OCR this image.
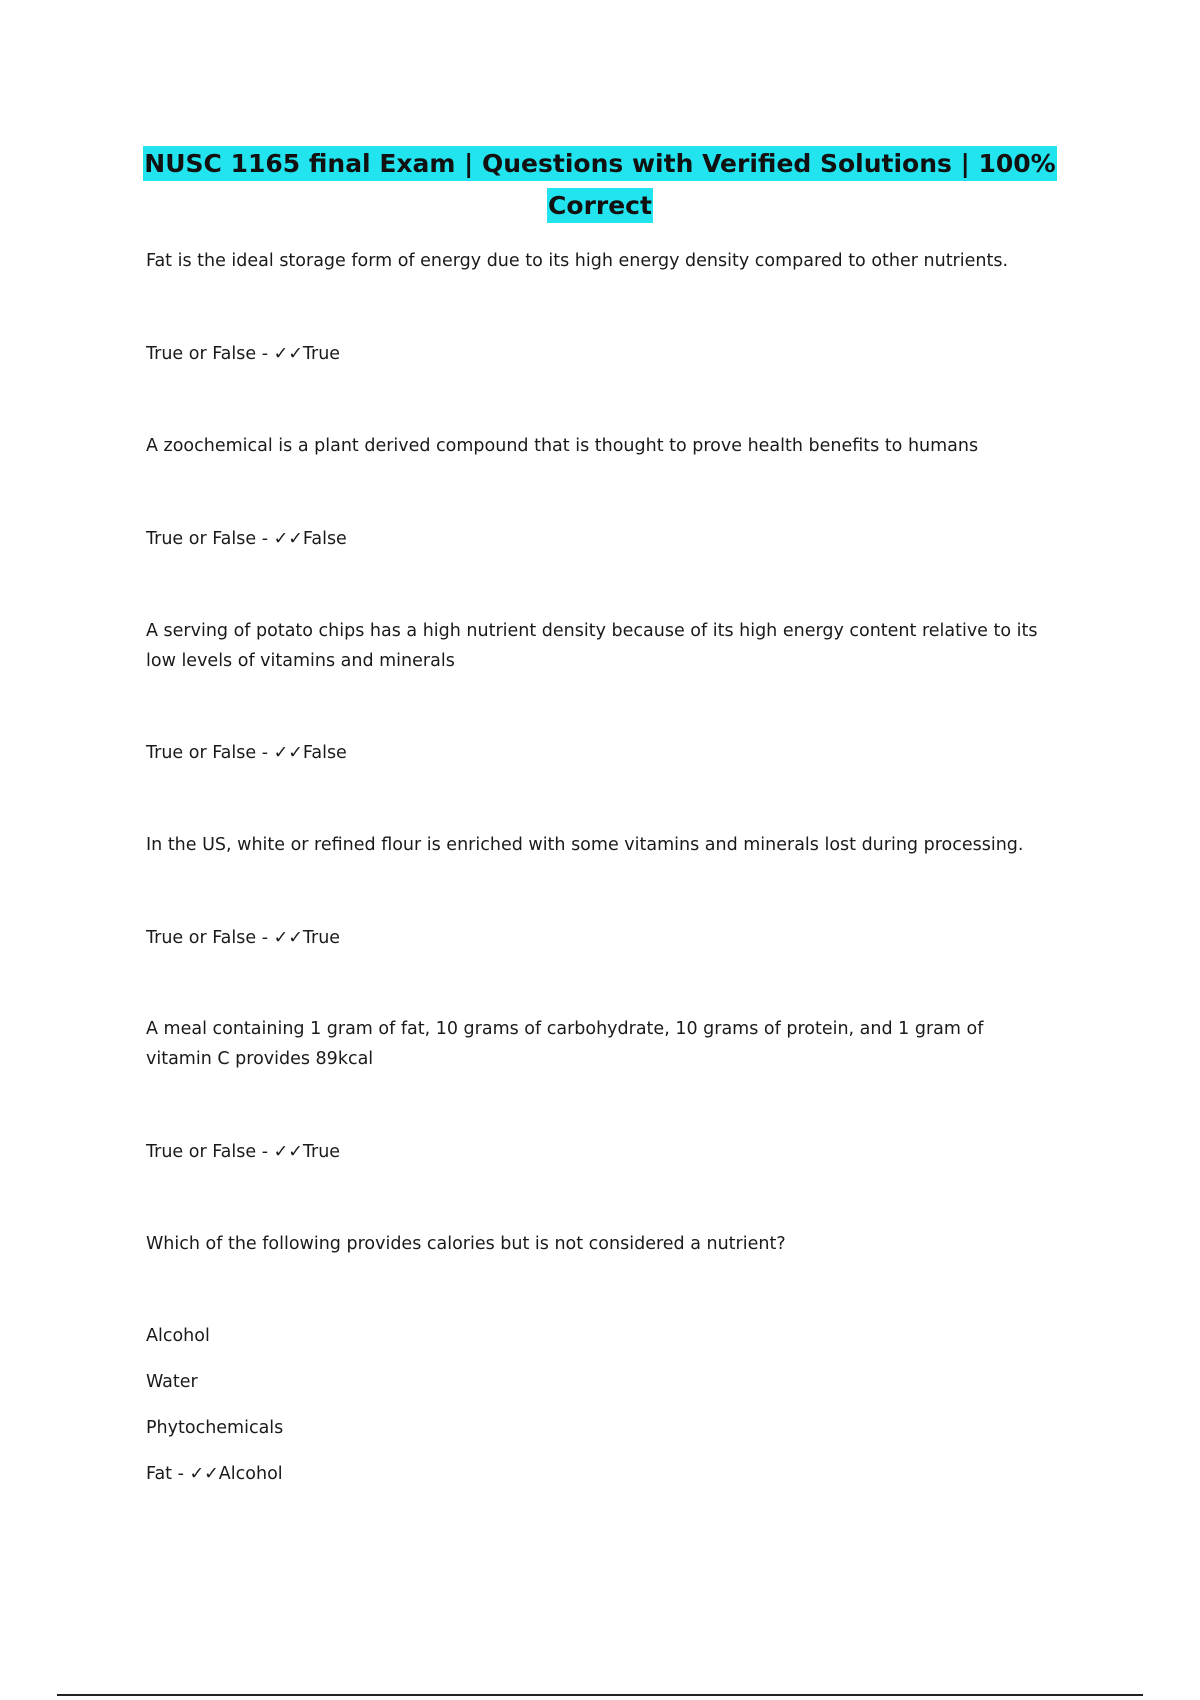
NUSC 1165 final Exam | Questions with Verified Solutions | 100%
Correct

Fat is the ideal storage form of energy due to its high energy density compared to other nutrients.

True or False - ✓✓True

A zoochemical is a plant derived compound that is thought to prove health benefits to humans

True or False - ✓✓False

A serving of potato chips has a high nutrient density because of its high energy content relative to its

low levels of vitamins and minerals

True or False - ✓✓False

In the US, white or refined flour is enriched with some vitamins and minerals lost during processing.

True or False - ✓✓True

A meal containing 1 gram of fat, 10 grams of carbohydrate, 10 grams of protein, and 1 gram of

vitamin C provides 89kcal

True or False - ✓✓True

Which of the following provides calories but is not considered a nutrient?

Alcohol

Water

Phytochemicals

Fat - ✓✓Alcohol
